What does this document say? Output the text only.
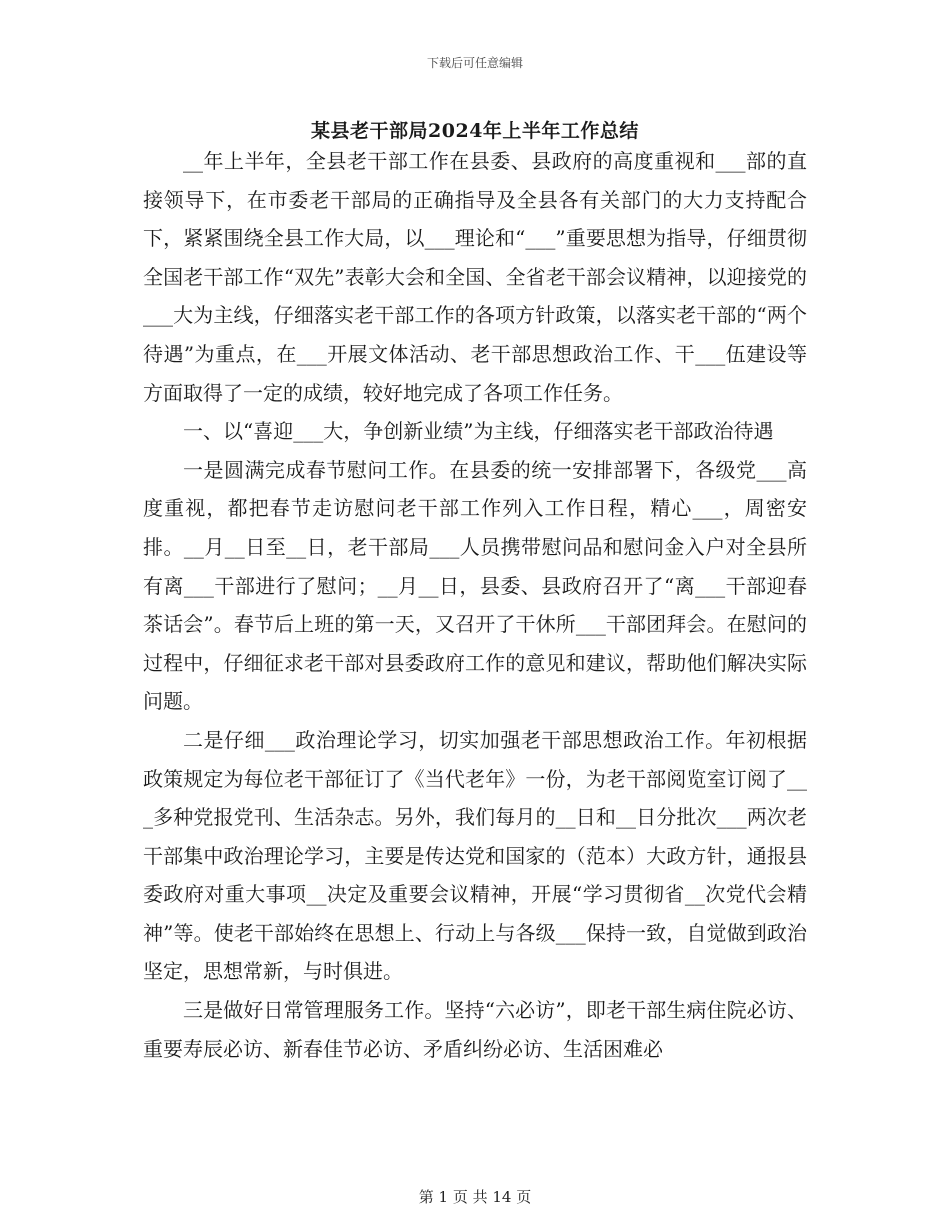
下载后可任意编辑
某县老干部局2024年上半年工作总结

__年上半年，全县老干部工作在县委、县政府的高度重视和___部的直接领导下，在市委老干部局的正确指导及全县各有关部门的大力支持配合下，紧紧围绕全县工作大局，以___理论和“___”重要思想为指导，仔细贯彻全国老干部工作“双先”表彰大会和全国、全省老干部会议精神，以迎接党的___大为主线，仔细落实老干部工作的各项方针政策，以落实老干部的“两个待遇”为重点，在___开展文体活动、老干部思想政治工作、干___伍建设等方面取得了一定的成绩，较好地完成了各项工作任务。

一、以“喜迎___大，争创新业绩”为主线，仔细落实老干部政治待遇

一是圆满完成春节慰问工作。在县委的统一安排部署下，各级党___高度重视，都把春节走访慰问老干部工作列入工作日程，精心___，周密安排。__月__日至__日，老干部局___人员携带慰问品和慰问金入户对全县所有离___干部进行了慰问；__月__日，县委、县政府召开了“离___干部迎春茶话会”。春节后上班的第一天，又召开了干休所___干部团拜会。在慰问的过程中，仔细征求老干部对县委政府工作的意见和建议，帮助他们解决实际问题。

二是仔细___政治理论学习，切实加强老干部思想政治工作。年初根据政策规定为每位老干部征订了《当代老年》一份，为老干部阅览室订阅了___多种党报党刊、生活杂志。另外，我们每月的__日和__日分批次___两次老干部集中政治理论学习，主要是传达党和国家的（范本）大政方针，通报县委政府对重大事项__决定及重要会议精神，开展“学习贯彻省__次党代会精神”等。使老干部始终在思想上、行动上与各级___保持一致，自觉做到政治坚定，思想常新，与时俱进。

三是做好日常管理服务工作。坚持“六必访”，即老干部生病住院必访、重要寿辰必访、新春佳节必访、矛盾纠纷必访、生活困难必

第 1 页 共 14 页
